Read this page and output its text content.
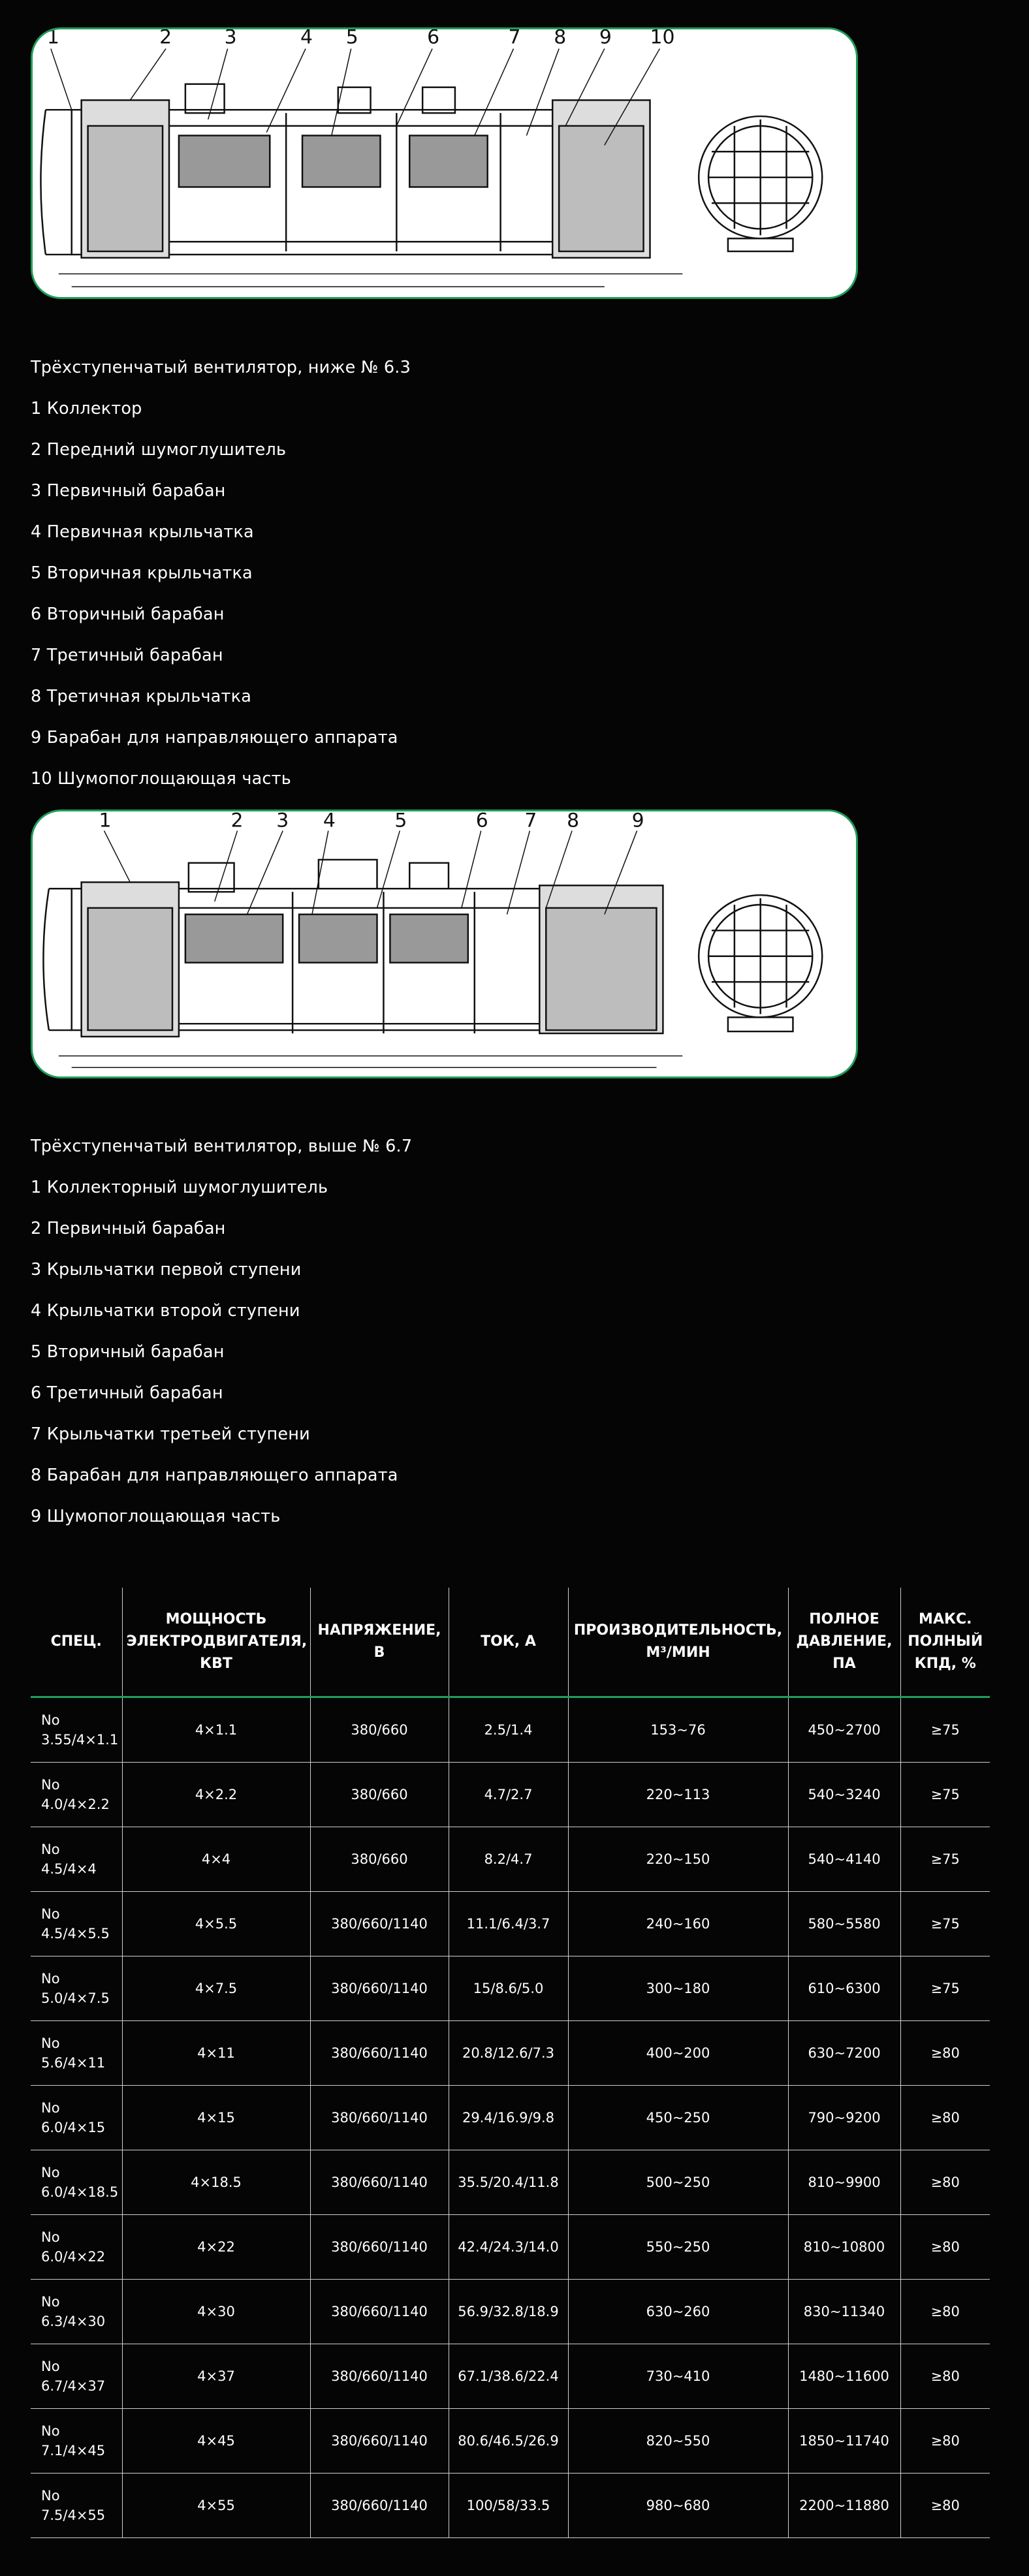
1	2	3	4 5	6	7 8 9 10

Трёхступенчатый вентилятор, ниже № 6.3

1 Коллектор

2 Передний шумоглушитель

3 Первичный барабан

4 Первичная крыльчатка

5 Вторичная крыльчатка

6 Вторичный барабан

7 Третичный барабан

8 Третичная крыльчатка

9 Барабан для направляющего аппарата

10 Шумопоглощающая часть

1	2 3 4	5	6 7 8	9

Трёхступенчатый вентилятор, выше № 6.7

1 Коллекторный шумоглушитель

2 Первичный барабан

3 Крыльчатки первой ступени

4 Крыльчатки второй ступени

5 Вторичный барабан

6 Третичный барабан

7 Крыльчатки третьей ступени

8 Барабан для направляющего аппарата

9 Шумопоглощающая часть

СПЕЦ.	МОЩНОСТЬ ЭЛЕКТРОДВИГАТЕЛЯ, КВТ	НАПРЯЖЕНИЕ, В	ТОК, А	ПРОИЗВОДИТЕЛЬНОСТЬ, М³/МИН	ПОЛНОЕ ДАВЛЕНИЕ, ПА	МАКС. ПОЛНЫЙ КПД, %
No 3.55/4×1.1	4×1.1	380/660	2.5/1.4	153~76	450~2700	≥75
No 4.0/4×2.2	4×2.2	380/660	4.7/2.7	220~113	540~3240	≥75
No 4.5/4×4	4×4	380/660	8.2/4.7	220~150	540~4140	≥75
No 4.5/4×5.5	4×5.5	380/660/1140	11.1/6.4/3.7	240~160	580~5580	≥75
No 5.0/4×7.5	4×7.5	380/660/1140	15/8.6/5.0	300~180	610~6300	≥75
No 5.6/4×11	4×11	380/660/1140	20.8/12.6/7.3	400~200	630~7200	≥80
No 6.0/4×15	4×15	380/660/1140	29.4/16.9/9.8	450~250	790~9200	≥80
No 6.0/4×18.5	4×18.5	380/660/1140	35.5/20.4/11.8	500~250	810~9900	≥80
No 6.0/4×22	4×22	380/660/1140	42.4/24.3/14.0	550~250	810~10800	≥80
No 6.3/4×30	4×30	380/660/1140	56.9/32.8/18.9	630~260	830~11340	≥80
No 6.7/4×37	4×37	380/660/1140	67.1/38.6/22.4	730~410	1480~11600	≥80
No 7.1/4×45	4×45	380/660/1140	80.6/46.5/26.9	820~550	1850~11740	≥80
No 7.5/4×55	4×55	380/660/1140	100/58/33.5	980~680	2200~11880	≥80
